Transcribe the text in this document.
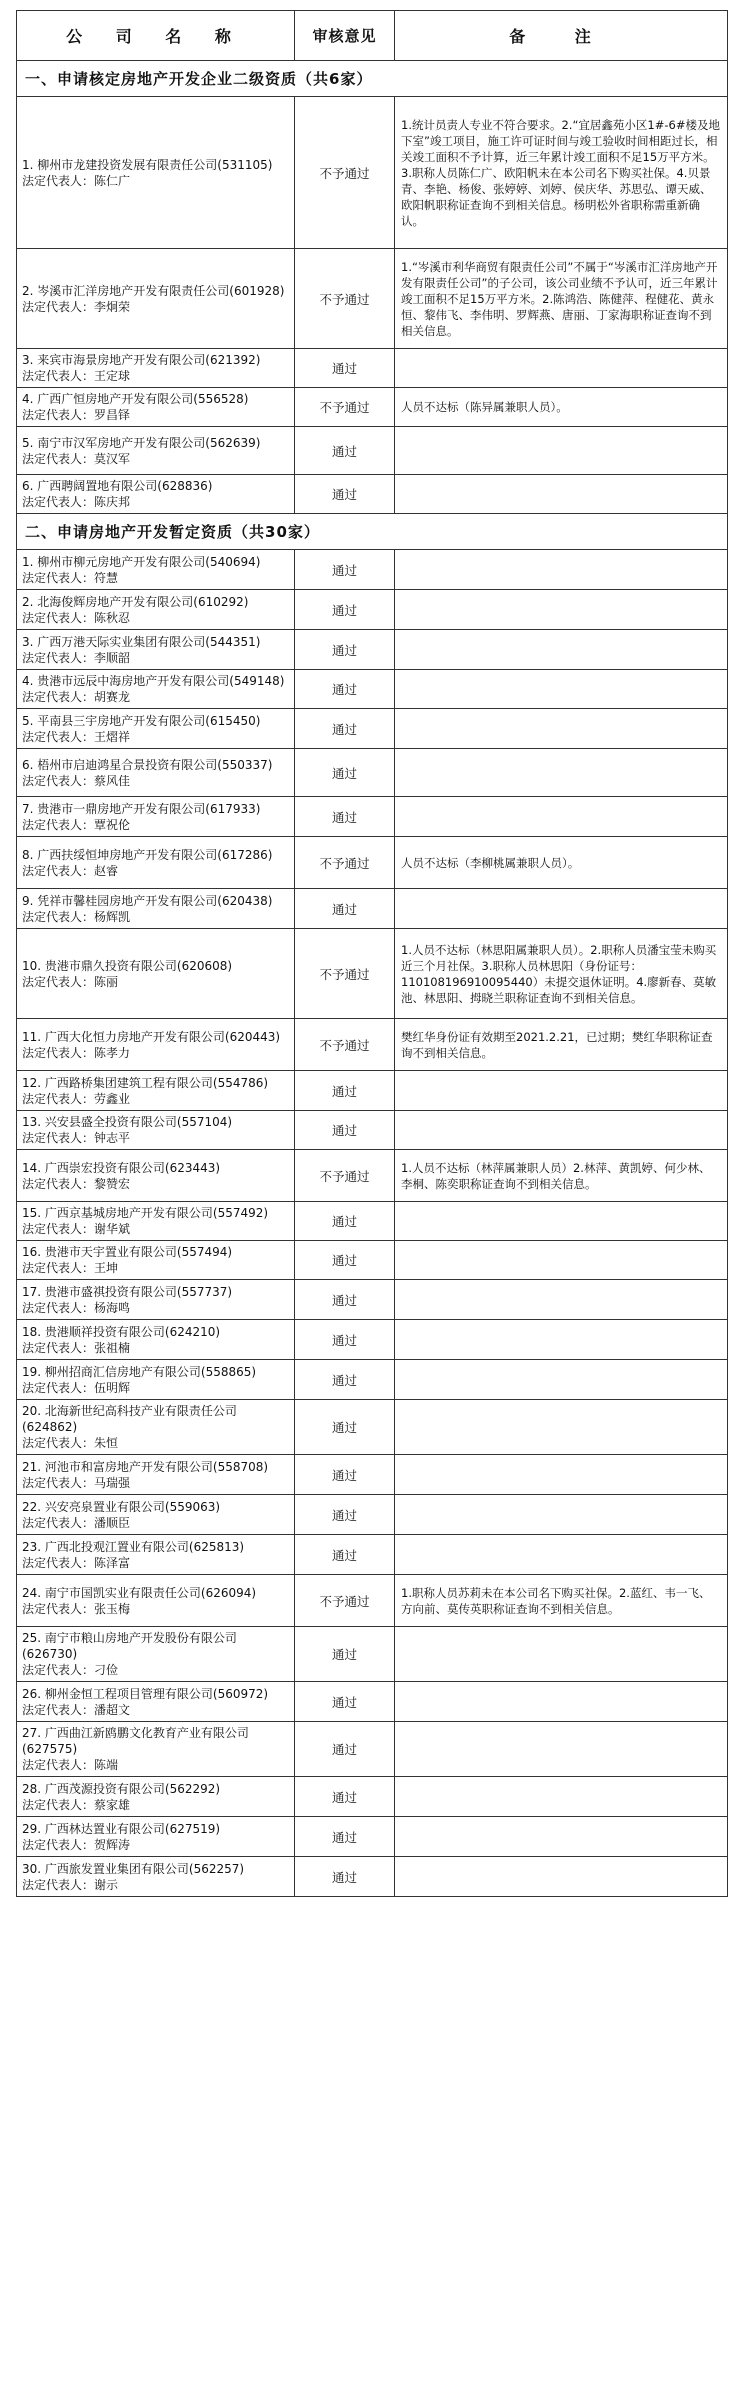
公 司 名 称	审核意见	备 注
一、申请核定房地产开发企业二级资质（共6家）		

1. 柳州市龙建投资发展有限责任公司(531105)
法定代表人：陈仁广	不予通过	1.统计员责人专业不符合要求。2.“宜居鑫苑小区1#-6#楼及地下室”竣工项目，施工许可证时间与竣工验收时间相距过长，相关竣工面积不予计算，近三年累计竣工面积不足15万平方米。3.职称人员陈仁广、欧阳帆未在本公司名下购买社保。4.贝景青、李艳、杨俊、张婷婷、刘婷、侯庆华、苏思弘、谭天威、欧阳帆职称证查询不到相关信息。杨明松外省职称需重新确认。

2. 岑溪市汇洋房地产开发有限责任公司(601928)
法定代表人：李炯荣	不予通过	1.“岑溪市利华商贸有限责任公司”不属于“岑溪市汇洋房地产开发有限责任公司”的子公司，该公司业绩不予认可，近三年累计竣工面积不足15万平方米。2.陈鸿浩、陈健萍、程健花、黄永恒、黎伟飞、李伟明、罗辉燕、唐丽、丁家海职称证查询不到相关信息。

3. 来宾市海景房地产开发有限公司(621392)
法定代表人：王定球	通过	

4. 广西广恒房地产开发有限公司(556528)
法定代表人：罗昌铎	不予通过	人员不达标（陈异属兼职人员）。

5. 南宁市汉军房地产开发有限公司(562639)
法定代表人：莫汉军	通过	

6. 广西聘阔置地有限公司(628836)
法定代表人：陈庆邦	通过	
二、申请房地产开发暂定资质（共30家）		

1. 柳州市柳元房地产开发有限公司(540694)
法定代表人：符慧	通过	

2. 北海俊辉房地产开发有限公司(610292)
法定代表人：陈秋忍	通过	

3. 广西万港天际实业集团有限公司(544351)
法定代表人：李顺韶	通过	

4. 贵港市远辰中海房地产开发有限公司(549148)
法定代表人：胡赛龙	通过	

5. 平南县三宇房地产开发有限公司(615450)
法定代表人：王熠祥	通过	

6. 梧州市启迪鸿星合景投资有限公司(550337)
法定代表人：蔡风佳	通过	

7. 贵港市一鼎房地产开发有限公司(617933)
法定代表人：覃祝伦	通过	

8. 广西扶绥恒坤房地产开发有限公司(617286)
法定代表人：赵睿	不予通过	人员不达标（李柳桃属兼职人员）。

9. 凭祥市馨桂园房地产开发有限公司(620438)
法定代表人：杨辉凯	通过	

10. 贵港市鼎久投资有限公司(620608)
法定代表人：陈丽	不予通过	1.人员不达标（林思阳属兼职人员）。2.职称人员潘宝莹未购买近三个月社保。3.职称人员林思阳（身份证号：110108196910095440）未提交退休证明。4.廖新春、莫敏池、林思阳、拇晓兰职称证查询不到相关信息。

11. 广西大化恒力房地产开发有限公司(620443)
法定代表人：陈孝力	不予通过	樊红华身份证有效期至2021.2.21，已过期；樊红华职称证查询不到相关信息。

12. 广西路桥集团建筑工程有限公司(554786)
法定代表人：劳鑫业	通过	

13. 兴安县盛全投资有限公司(557104)
法定代表人：钟志平	通过	

14. 广西崇宏投资有限公司(623443)
法定代表人：黎赞宏	不予通过	1.人员不达标（林萍属兼职人员）2.林萍、黄凯婷、何少林、李桐、陈奕职称证查询不到相关信息。

15. 广西京基城房地产开发有限公司(557492)
法定代表人：谢华斌	通过	

16. 贵港市天宇置业有限公司(557494)
法定代表人：王坤	通过	

17. 贵港市盛祺投资有限公司(557737)
法定代表人：杨海鸣	通过	

18. 贵港顺祥投资有限公司(624210)
法定代表人：张祖楠	通过	

19. 柳州招商汇信房地产有限公司(558865)
法定代表人：伍明辉	通过	

20. 北海新世纪高科技产业有限责任公司(624862)
法定代表人：朱恒	通过	

21. 河池市和富房地产开发有限公司(558708)
法定代表人：马瑞强	通过	

22. 兴安亮泉置业有限公司(559063)
法定代表人：潘顺臣	通过	

23. 广西北投观江置业有限公司(625813)
法定代表人：陈泽富	通过	

24. 南宁市国凯实业有限责任公司(626094)
法定代表人：张玉梅	不予通过	1.职称人员苏莉未在本公司名下购买社保。2.蓝红、韦一飞、方向前、莫传英职称证查询不到相关信息。

25. 南宁市粮山房地产开发股份有限公司(626730)
法定代表人：刁俭	通过	

26. 柳州金恒工程项目管理有限公司(560972)
法定代表人：潘超文	通过	

27. 广西曲江新鸥鹏文化教育产业有限公司(627575)
法定代表人：陈端	通过	

28. 广西茂源投资有限公司(562292)
法定代表人：蔡家雄	通过	

29. 广西林达置业有限公司(627519)
法定代表人：贺辉涛	通过	

30. 广西旅发置业集团有限公司(562257)
法定代表人：谢示	通过	
